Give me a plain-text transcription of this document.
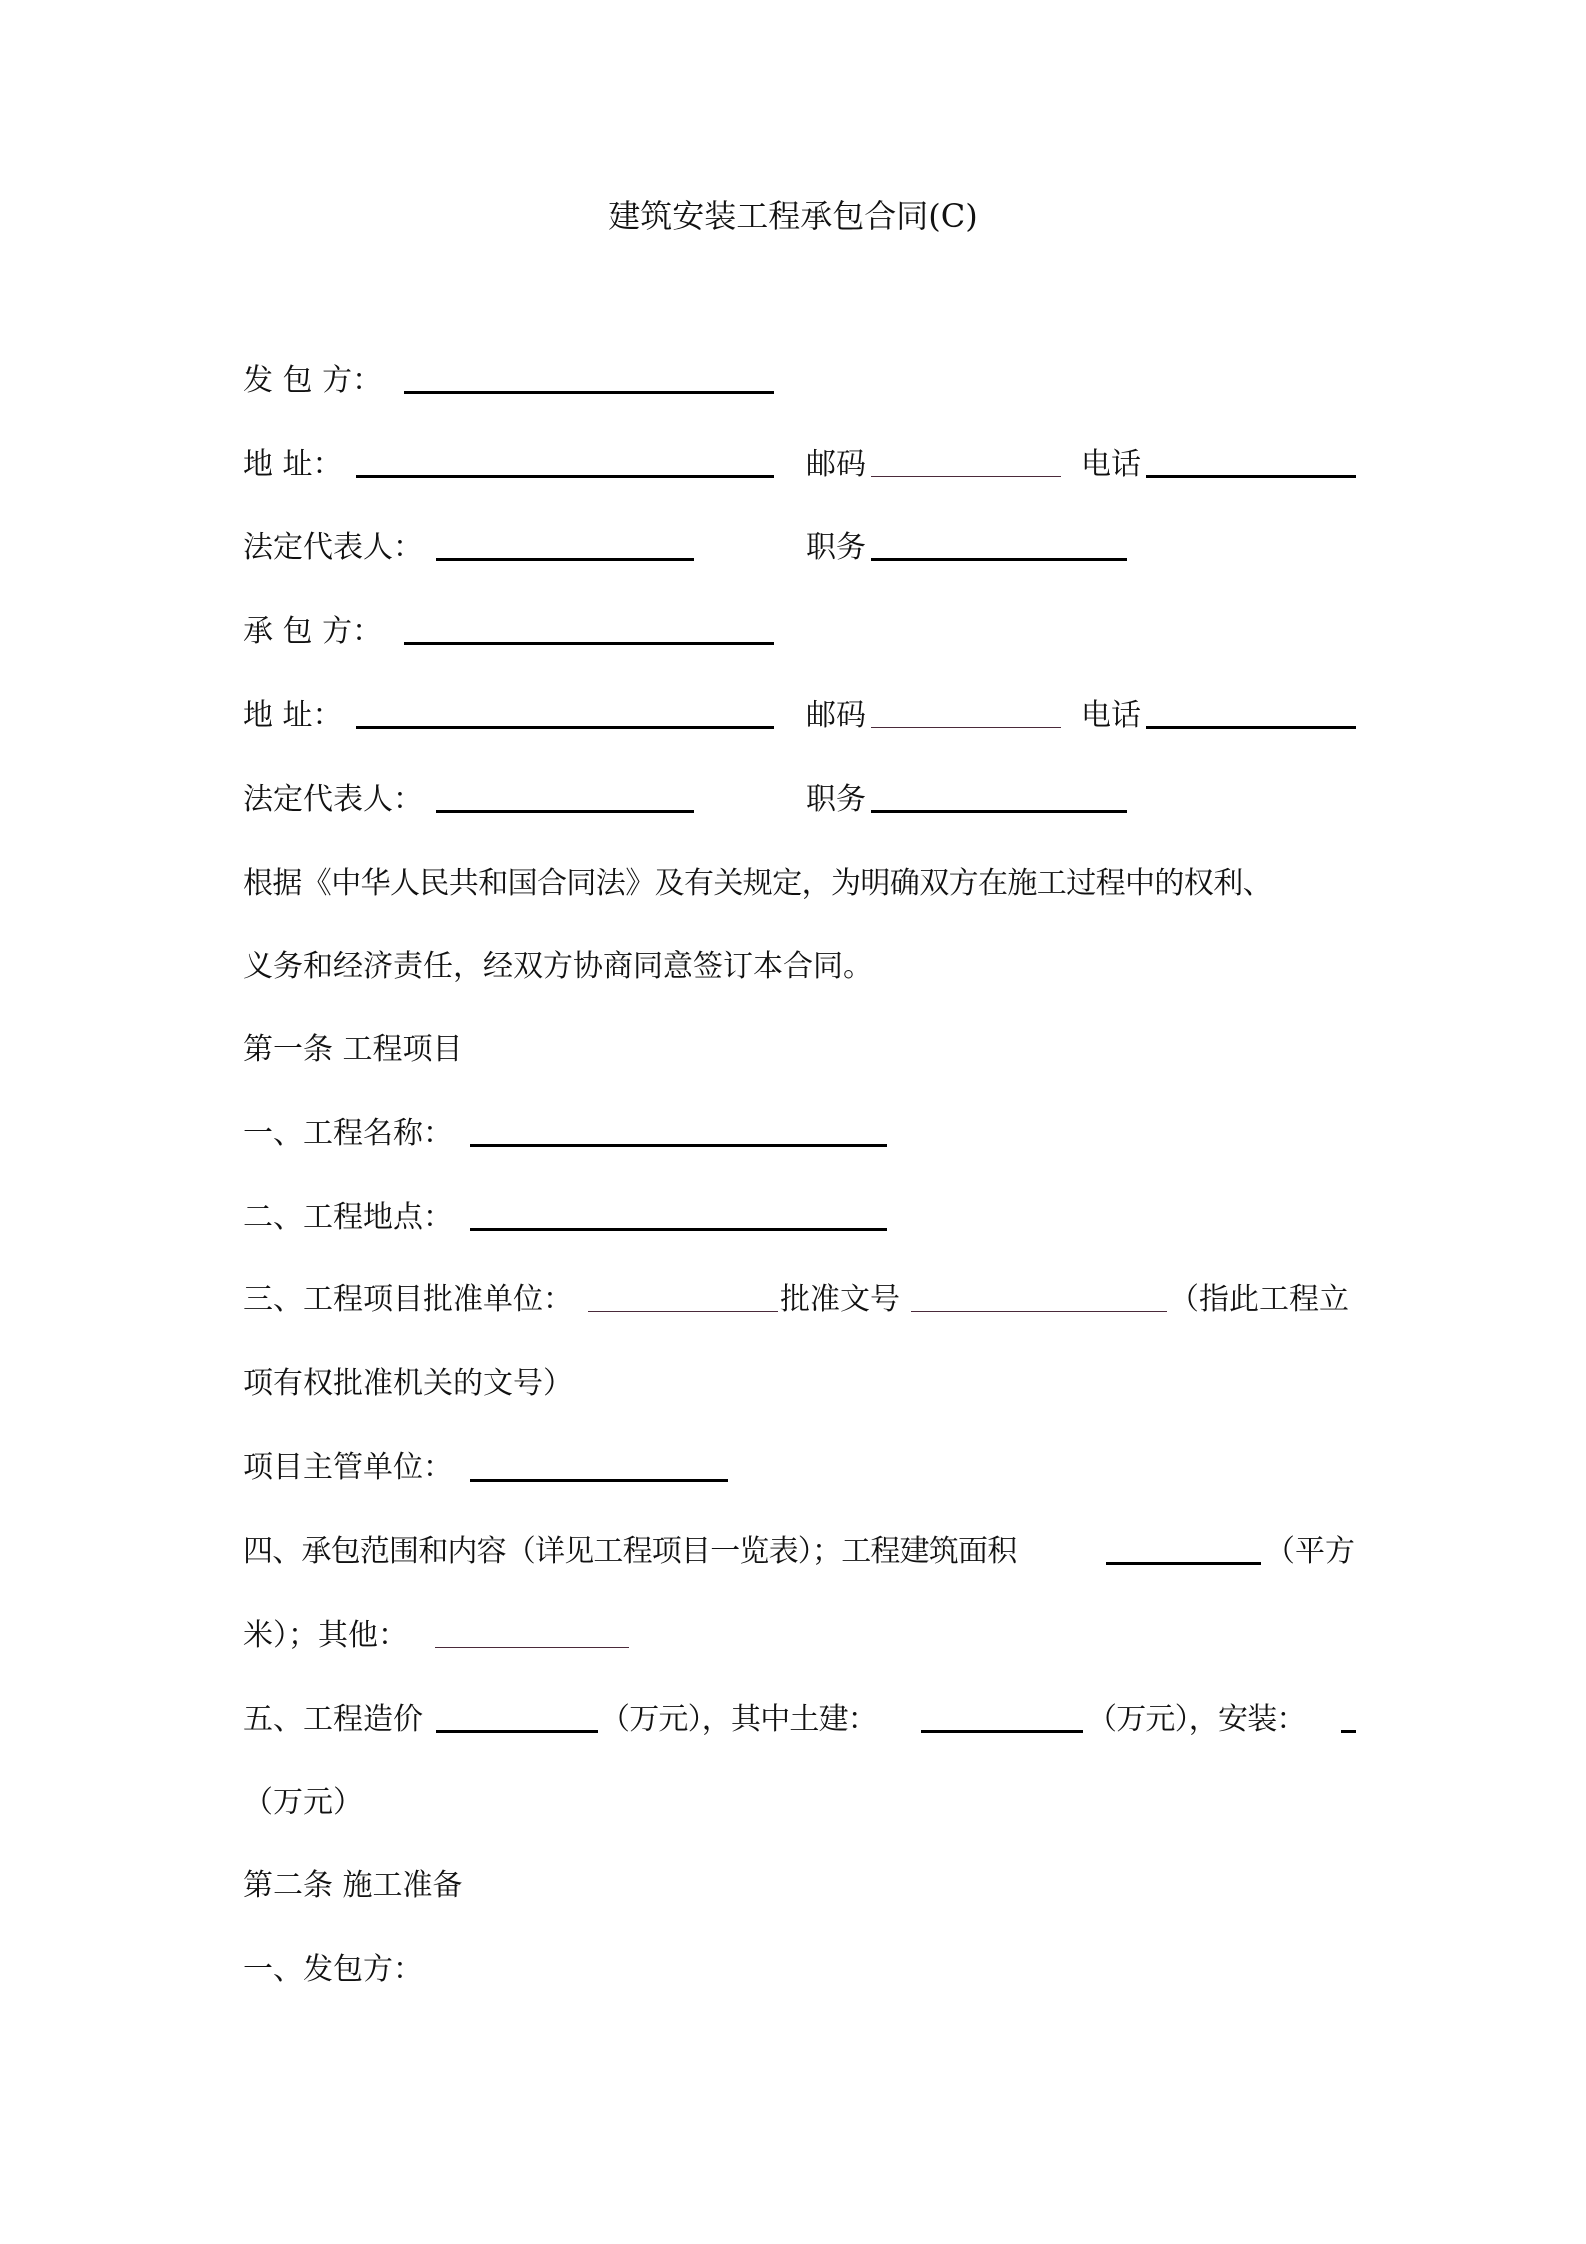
建筑安装工程承包合同(C)
发 包 方：
地 址：	邮码	电话
法定代表人：	职务
承 包 方：
地 址：	邮码	电话
法定代表人：	职务
根据《中华人民共和国合同法》及有关规定，为明确双方在施工过程中的权利、
义务和经济责任，经双方协商同意签订本合同。
第一条 工程项目
一、工程名称：
二、工程地点：
三、工程项目批准单位：	批准文号	（指此工程立
项有权批准机关的文号）
项目主管单位：
四、承包范围和内容（详见工程项目一览表）；工程建筑面积	（平方
米）；其他：
五、工程造价	（万元），其中土建：	（万元），安装：
（万元）
第二条 施工准备
一、发包方：
